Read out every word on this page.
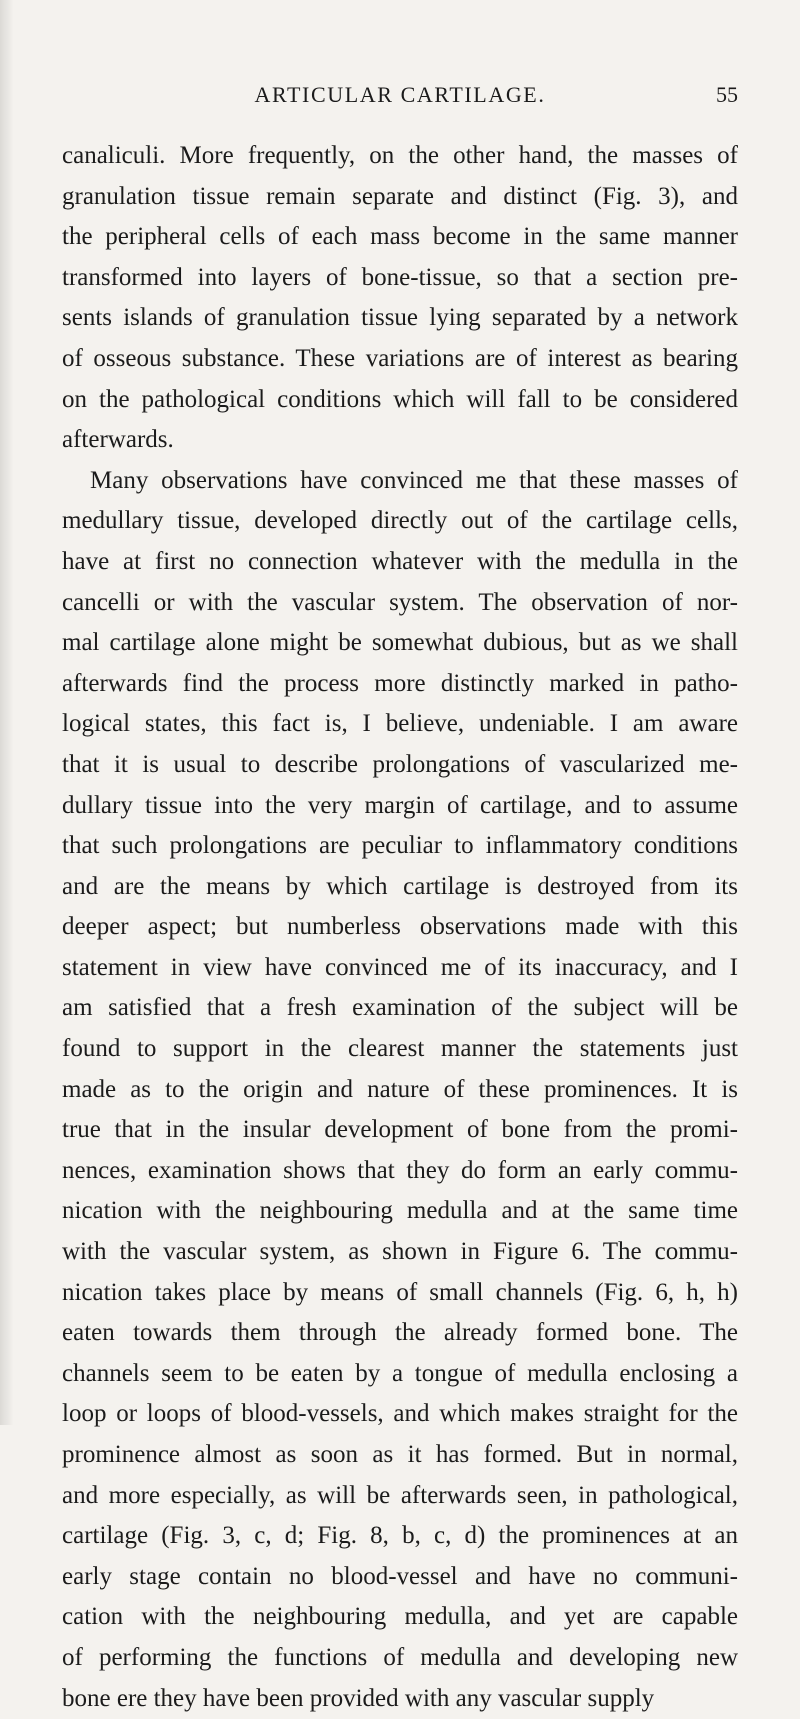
ARTICULAR CARTILAGE.	55
canaliculi. More frequently, on the other hand, the masses of
granulation tissue remain separate and distinct (Fig. 3), and
the peripheral cells of each mass become in the same manner
transformed into layers of bone-tissue, so that a section pre-
sents islands of granulation tissue lying separated by a network
of osseous substance. These variations are of interest as bearing
on the pathological conditions which will fall to be considered
afterwards.
Many observations have convinced me that these masses of
medullary tissue, developed directly out of the cartilage cells,
have at first no connection whatever with the medulla in the
cancelli or with the vascular system. The observation of nor-
mal cartilage alone might be somewhat dubious, but as we shall
afterwards find the process more distinctly marked in patho-
logical states, this fact is, I believe, undeniable. I am aware
that it is usual to describe prolongations of vascularized me-
dullary tissue into the very margin of cartilage, and to assume
that such prolongations are peculiar to inflammatory conditions
and are the means by which cartilage is destroyed from its
deeper aspect; but numberless observations made with this
statement in view have convinced me of its inaccuracy, and I
am satisfied that a fresh examination of the subject will be
found to support in the clearest manner the statements just
made as to the origin and nature of these prominences. It is
true that in the insular development of bone from the promi-
nences, examination shows that they do form an early commu-
nication with the neighbouring medulla and at the same time
with the vascular system, as shown in Figure 6. The commu-
nication takes place by means of small channels (Fig. 6, h, h)
eaten towards them through the already formed bone. The
channels seem to be eaten by a tongue of medulla enclosing a
loop or loops of blood-vessels, and which makes straight for the
prominence almost as soon as it has formed. But in normal,
and more especially, as will be afterwards seen, in pathological,
cartilage (Fig. 3, c, d; Fig. 8, b, c, d) the prominences at an
early stage contain no blood-vessel and have no communi-
cation with the neighbouring medulla, and yet are capable
of performing the functions of medulla and developing new
bone ere they have been provided with any vascular supply
